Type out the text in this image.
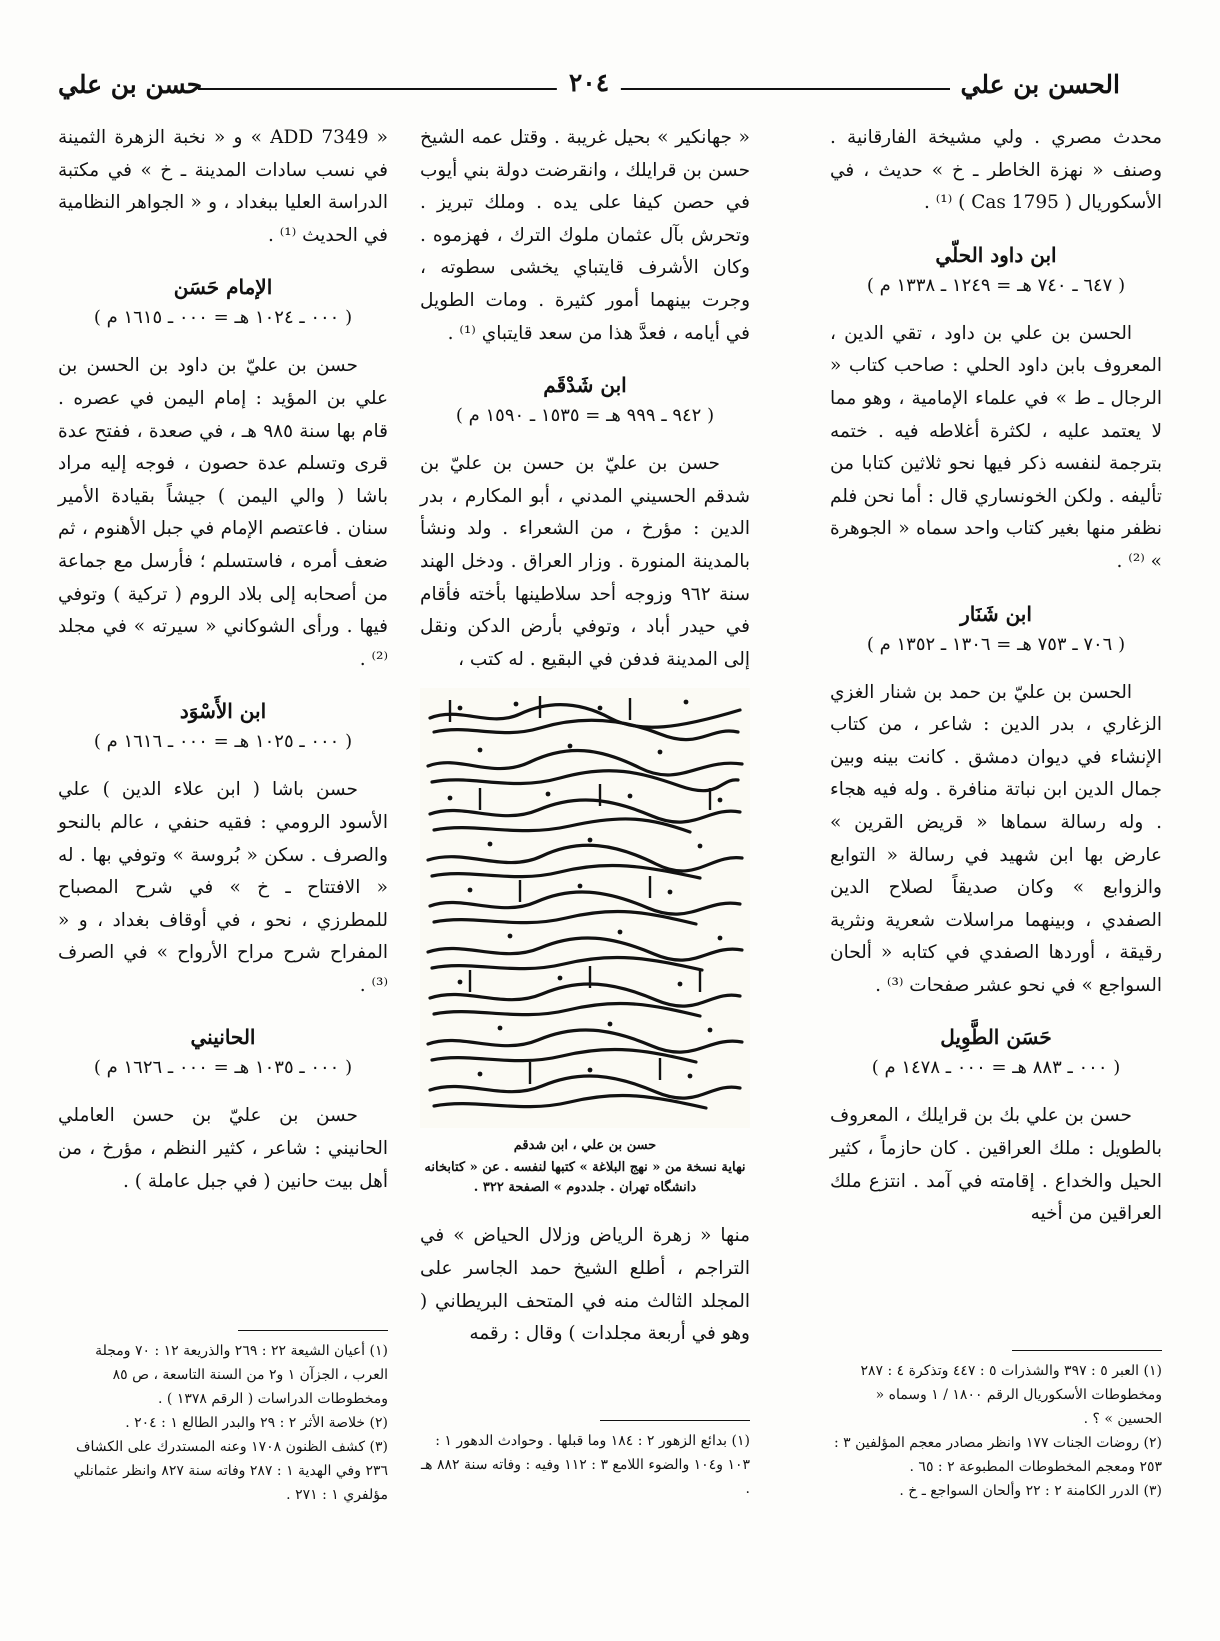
الحسن بن علي
٢٠٤
حسن بن علي

محدث مصري . ولي مشيخة الفارقانية . وصنف « نهزة الخاطر ـ خ » حديث ، في الأسكوريال ( Cas 1795 ) ⁽¹⁾ .

ابن داود الحلّي
( ٦٤٧ ـ ٧٤٠ هـ = ١٢٤٩ ـ ١٣٣٨ م )

الحسن بن علي بن داود ، تقي الدين ، المعروف بابن داود الحلي : صاحب كتاب « الرجال ـ ط » في علماء الإمامية ، وهو مما لا يعتمد عليه ، لكثرة أغلاطه فيه . ختمه بترجمة لنفسه ذكر فيها نحو ثلاثين كتابا من تأليفه . ولكن الخونساري قال : أما نحن فلم نظفر منها بغير كتاب واحد سماه « الجوهرة » ⁽²⁾ .

ابن شَنَار
( ٧٠٦ ـ ٧٥٣ هـ = ١٣٠٦ ـ ١٣٥٢ م )

الحسن بن عليّ بن حمد بن شنار الغزي الزغاري ، بدر الدين : شاعر ، من كتاب الإنشاء في ديوان دمشق . كانت بينه وبين جمال الدين ابن نباتة منافرة . وله فيه هجاء . وله رسالة سماها « قريض القرين » عارض بها ابن شهيد في رسالة « التوابع والزوابع » وكان صديقاً لصلاح الدين الصفدي ، وبينهما مراسلات شعرية ونثرية رقيقة ، أوردها الصفدي في كتابه « ألحان السواجع » في نحو عشر صفحات ⁽³⁾ .

حَسَن الطَّوِيل
( ٠٠٠ ـ ٨٨٣ هـ = ٠٠٠ ـ ١٤٧٨ م )

حسن بن علي بك بن قرايلك ، المعروف بالطويل : ملك العراقين . كان حازماً ، كثير الحيل والخداع . إقامته في آمد . انتزع ملك العراقين من أخيه

« جهانكير » بحيل غريبة . وقتل عمه الشيخ حسن بن قرايلك ، وانقرضت دولة بني أيوب في حصن كيفا على يده . وملك تبريز . وتحرش بآل عثمان ملوك الترك ، فهزموه . وكان الأشرف قايتباي يخشى سطوته ، وجرت بينهما أمور كثيرة . ومات الطويل في أيامه ، فعدَّ هذا من سعد قايتباي ⁽¹⁾ .

ابن شَدْقَم
( ٩٤٢ ـ ٩٩٩ هـ = ١٥٣٥ ـ ١٥٩٠ م )

حسن بن عليّ بن حسن بن عليّ بن شدقم الحسيني المدني ، أبو المكارم ، بدر الدين : مؤرخ ، من الشعراء . ولد ونشأ بالمدينة المنورة . وزار العراق . ودخل الهند سنة ٩٦٢ وزوجه أحد سلاطينها بأخته فأقام في حيدر أباد ، وتوفي بأرض الدكن ونقل إلى المدينة فدفن في البقيع . له كتب ،

حسن بن علي ، ابن شدقم
نهاية نسخة من « نهج البلاغة » كتبها لنفسه . عن « كتابخانه دانشگاه تهران . جلددوم » الصفحة ٣٢٢ .

منها « زهرة الرياض وزلال الحياض » في التراجم ، أطلع الشيخ حمد الجاسر على المجلد الثالث منه في المتحف البريطاني ( وهو في أربعة مجلدات ) وقال : رقمه

« ADD 7349 » و « نخبة الزهرة الثمينة في نسب سادات المدينة ـ خ » في مكتبة الدراسة العليا ببغداد ، و « الجواهر النظامية في الحديث ⁽¹⁾ .

الإمام حَسَن
( ٠٠٠ ـ ١٠٢٤ هـ = ٠٠٠ ـ ١٦١٥ م )

حسن بن عليّ بن داود بن الحسن بن علي بن المؤيد : إمام اليمن في عصره . قام بها سنة ٩٨٥ هـ ، في صعدة ، ففتح عدة قرى وتسلم عدة حصون ، فوجه إليه مراد باشا ( والي اليمن ) جيشاً بقيادة الأمير سنان . فاعتصم الإمام في جبل الأهنوم ، ثم ضعف أمره ، فاستسلم ؛ فأرسل مع جماعة من أصحابه إلى بلاد الروم ( تركية ) وتوفي فيها . ورأى الشوكاني « سيرته » في مجلد ⁽²⁾ .

ابن الأَسْوَد
( ٠٠٠ ـ ١٠٢٥ هـ = ٠٠٠ ـ ١٦١٦ م )

حسن باشا ( ابن علاء الدين ) علي الأسود الرومي : فقيه حنفي ، عالم بالنحو والصرف . سكن « بُروسة » وتوفي بها . له « الافتتاح ـ خ » في شرح المصباح للمطرزي ، نحو ، في أوقاف بغداد ، و « المفراح شرح مراح الأرواح » في الصرف ⁽³⁾ .

الحانيني
( ٠٠٠ ـ ١٠٣٥ هـ = ٠٠٠ ـ ١٦٢٦ م )

حسن بن عليّ بن حسن العاملي الحانيني : شاعر ، كثير النظم ، مؤرخ ، من أهل بيت حانين ( في جبل عاملة ) .

(١) العبر ٥ : ٣٩٧ والشذرات ٥ : ٤٤٧ وتذكرة ٤ : ٢٨٧ ومخطوطات الأسكوريال الرقم ١٨٠٠ / ١ وسماه « الحسين » ؟ .

(٢) روضات الجنات ١٧٧ وانظر مصادر معجم المؤلفين ٣ : ٢٥٣ ومعجم المخطوطات المطبوعة ٢ : ٦٥ .

(٣) الدرر الكامنة ٢ : ٢٢ وألحان السواجع ـ خ .

(١) بدائع الزهور ٢ : ١٨٤ وما قبلها . وحوادث الدهور ١ : ١٠٣ و١٠٤ والضوء اللامع ٣ : ١١٢ وفيه : وفاته سنة ٨٨٢ هـ .

(١) أعيان الشيعة ٢٢ : ٢٦٩ والذريعة ١٢ : ٧٠ ومجلة العرب ، الجزآن ١ و٢ من السنة التاسعة ، ص ٨٥ ومخطوطات الدراسات ( الرقم ١٣٧٨ ) .

(٢) خلاصة الأثر ٢ : ٢٩ والبدر الطالع ١ : ٢٠٤ .

(٣) كشف الظنون ١٧٠٨ وعنه المستدرك على الكشاف ٢٣٦ وفي الهدية ١ : ٢٨٧ وفاته سنة ٨٢٧ وانظر عثمانلي مؤلفري ١ : ٢٧١ .
